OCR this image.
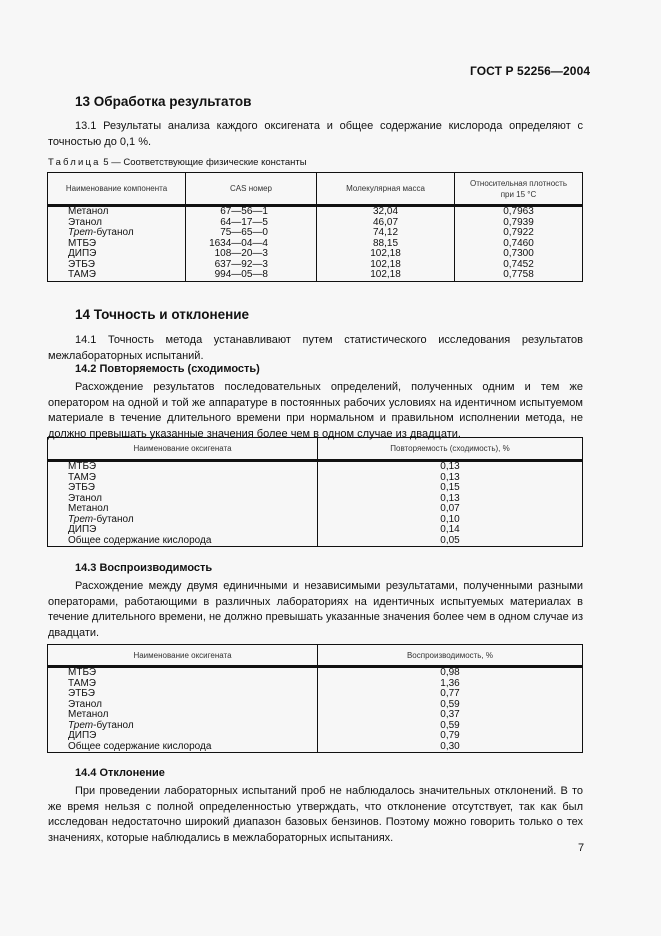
ГОСТ Р 52256—2004
13 Обработка результатов
13.1 Результаты анализа каждого оксигената и общее содержание кислорода определяют с точностью до 0,1 %.
Таблица 5 — Соответствующие физические константы
Наименование компонента	CAS номер	Молекулярная масса	Относительная плотность при 15 °С
Метанол	67—56—1	32,04	0,7963
Этанол	64—17—5	46,07	0,7939
Трет-бутанол	75—65—0	74,12	0,7922
МТБЭ	1634—04—4	88,15	0,7460
ДИПЭ	108—20—3	102,18	0,7300
ЭТБЭ	637—92—3	102,18	0,7452
ТАМЭ	994—05—8	102,18	0,7758
14 Точность и отклонение
14.1 Точность метода устанавливают путем статистического исследования результатов межлабораторных испытаний.
14.2 Повторяемость (сходимость)
Расхождение результатов последовательных определений, полученных одним и тем же оператором на одной и той же аппаратуре в постоянных рабочих условиях на идентичном испытуемом материале в течение длительного времени при нормальном и правильном исполнении метода, не должно превышать указанные значения более чем в одном случае из двадцати.
Наименование оксигената	Повторяемость (сходимость), %
МТБЭ	0,13
ТАМЭ	0,13
ЭТБЭ	0,15
Этанол	0,13
Метанол	0,07
Трет-бутанол	0,10
ДИПЭ	0,14
Общее содержание кислорода	0,05
14.3 Воспроизводимость
Расхождение между двумя единичными и независимыми результатами, полученными разными операторами, работающими в различных лабораториях на идентичных испытуемых материалах в течение длительного времени, не должно превышать указанные значения более чем в одном случае из двадцати.
Наименование оксигената	Воспроизводимость, %
МТБЭ	0,98
ТАМЭ	1,36
ЭТБЭ	0,77
Этанол	0,59
Метанол	0,37
Трет-бутанол	0,59
ДИПЭ	0,79
Общее содержание кислорода	0,30
14.4 Отклонение
При проведении лабораторных испытаний проб не наблюдалось значительных отклонений. В то же время нельзя с полной определенностью утверждать, что отклонение отсутствует, так как был исследован недостаточно широкий диапазон базовых бензинов. Поэтому можно говорить только о тех значениях, которые наблюдались в межлабораторных испытаниях.
7
